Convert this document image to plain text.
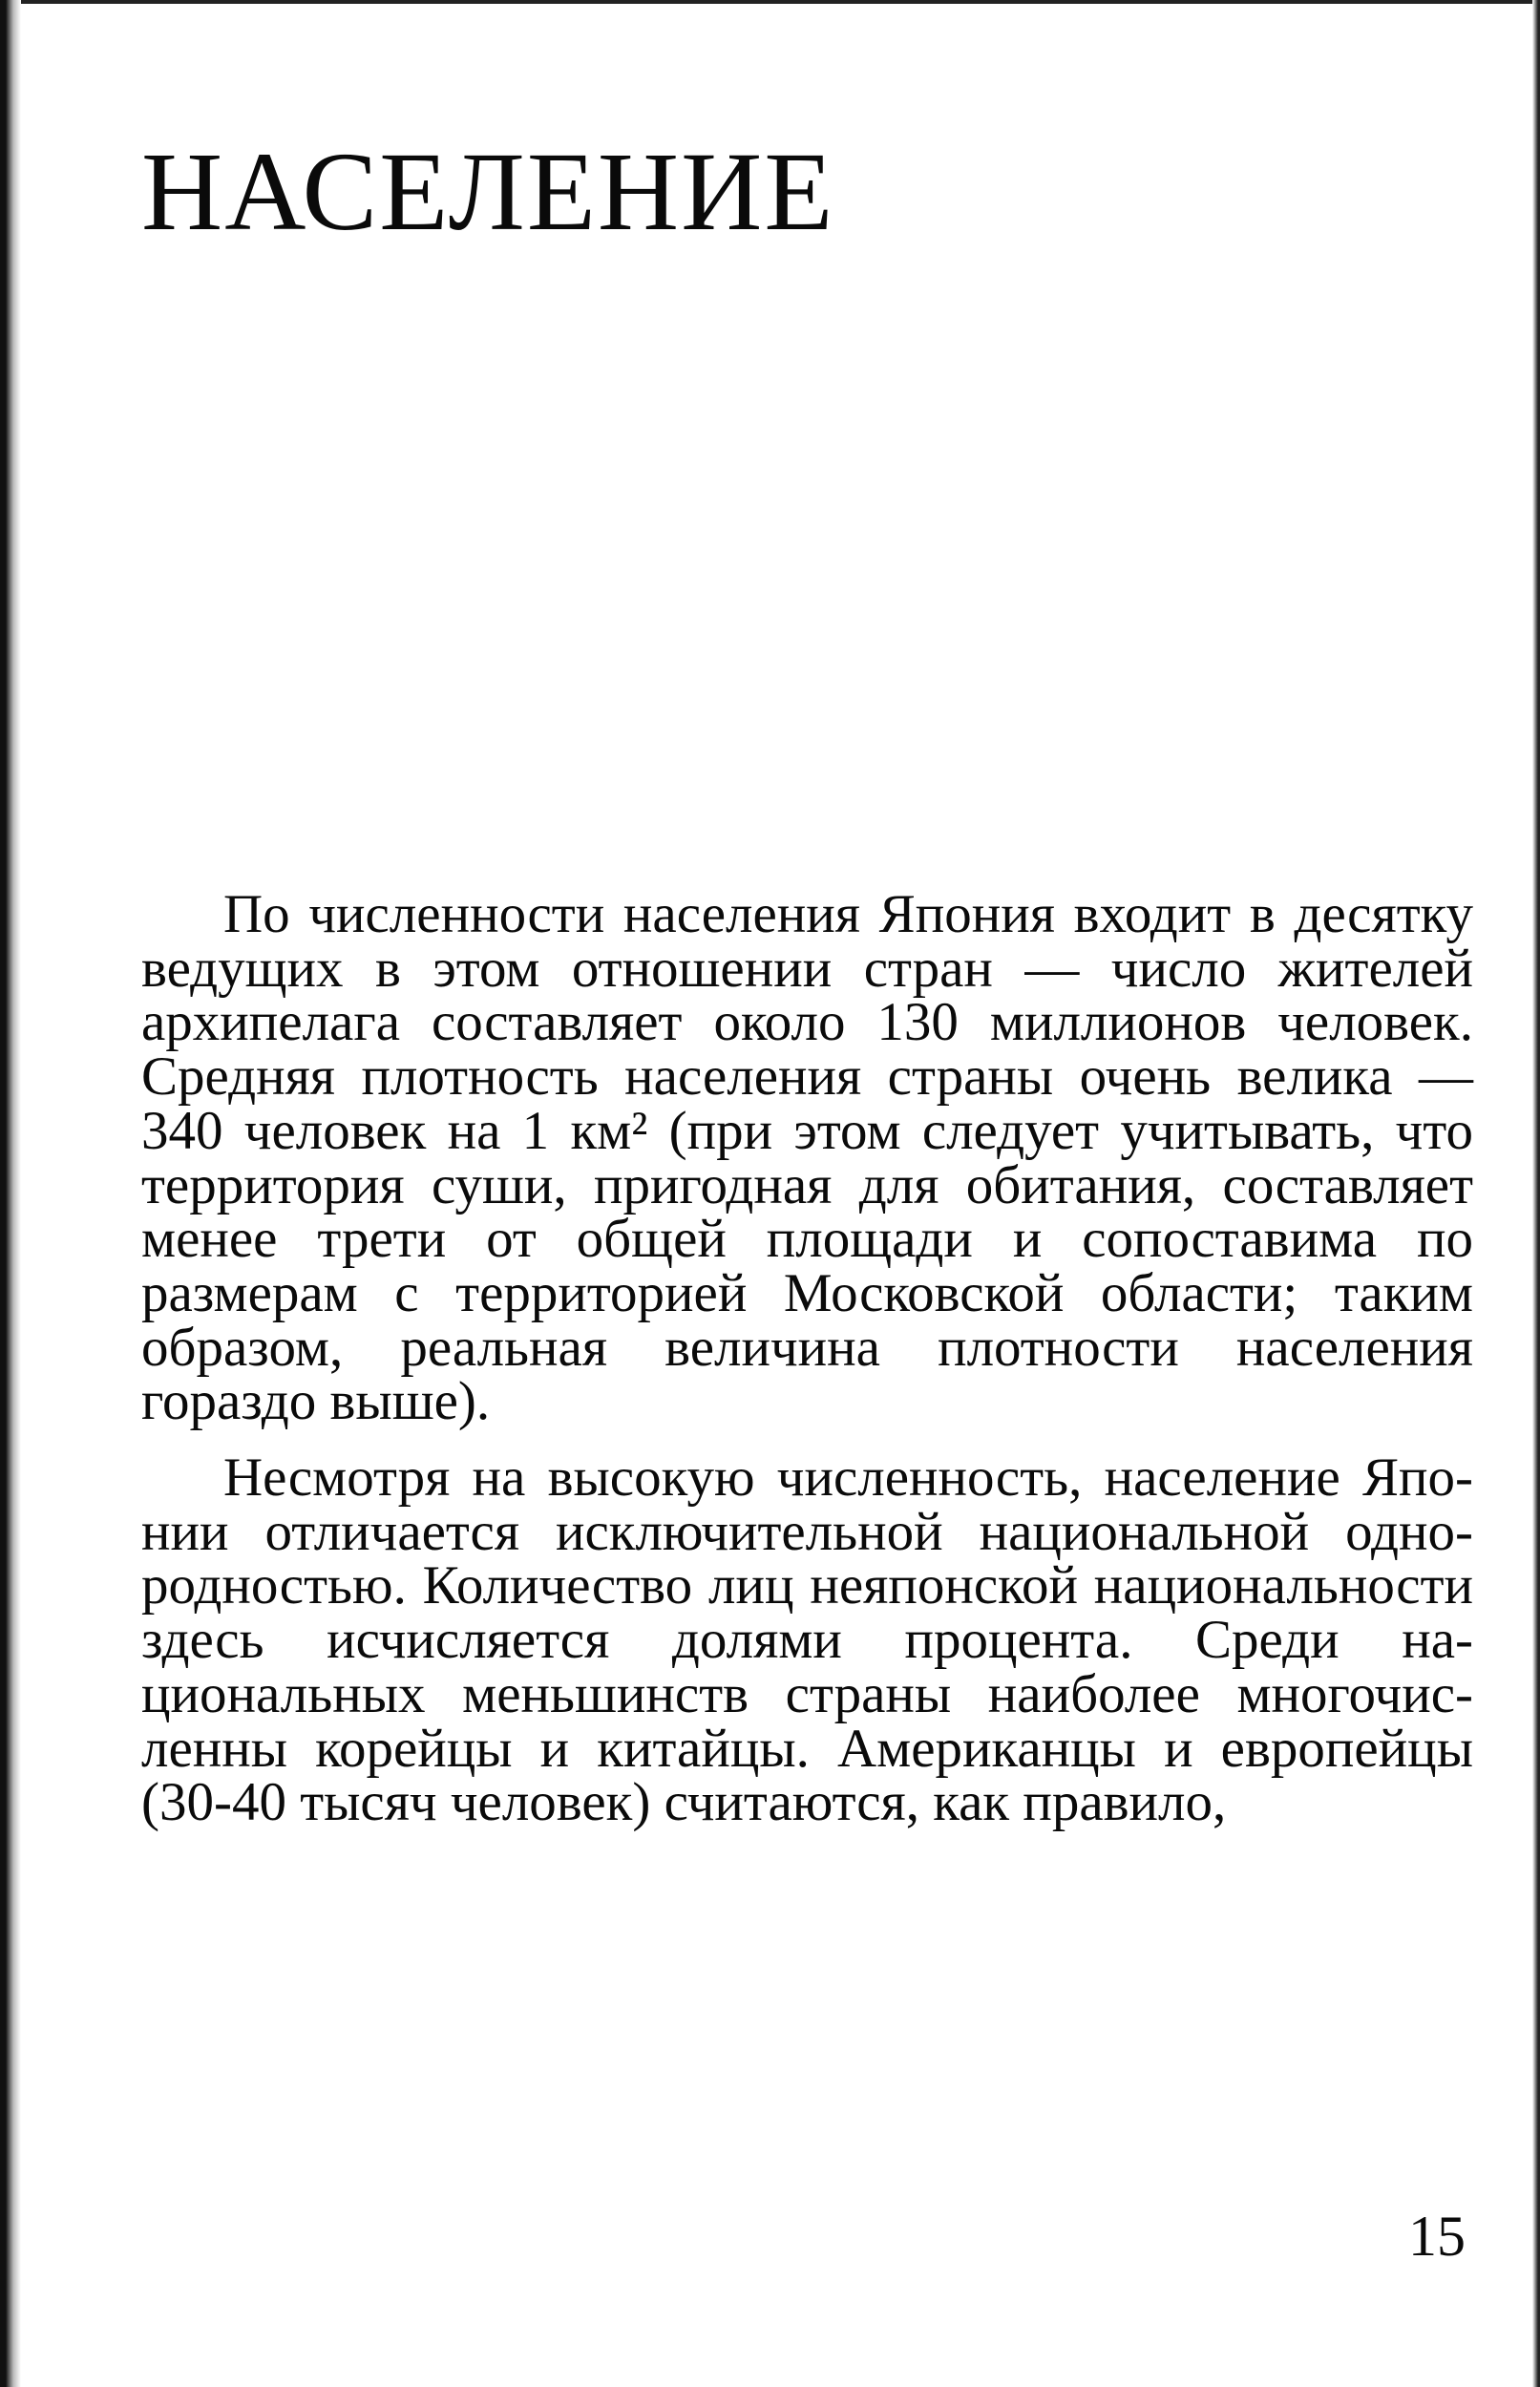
НАСЕЛЕНИЕ

По численности населения Япония входит в десятку ведущих в этом отношении стран — число жителей архипелага составляет около 130 миллионов человек. Средняя плотность населения страны очень велика — 340 человек на 1 км² (при этом следует учитывать, что территория суши, пригодная для обитания, составляет менее трети от общей площади и сопоставима по размерам с территорией Московской области; таким образом, реальная величина плотности населения гораздо выше).

Несмотря на высокую численность, население Японии отличается исключительной национальной однородностью. Количество лиц неяпонской национальности здесь исчисляется долями процента. Среди национальных меньшинств страны наиболее многочисленны корейцы и китайцы. Американцы и европейцы (30-40 тысяч человек) считаются, как правило,

15
